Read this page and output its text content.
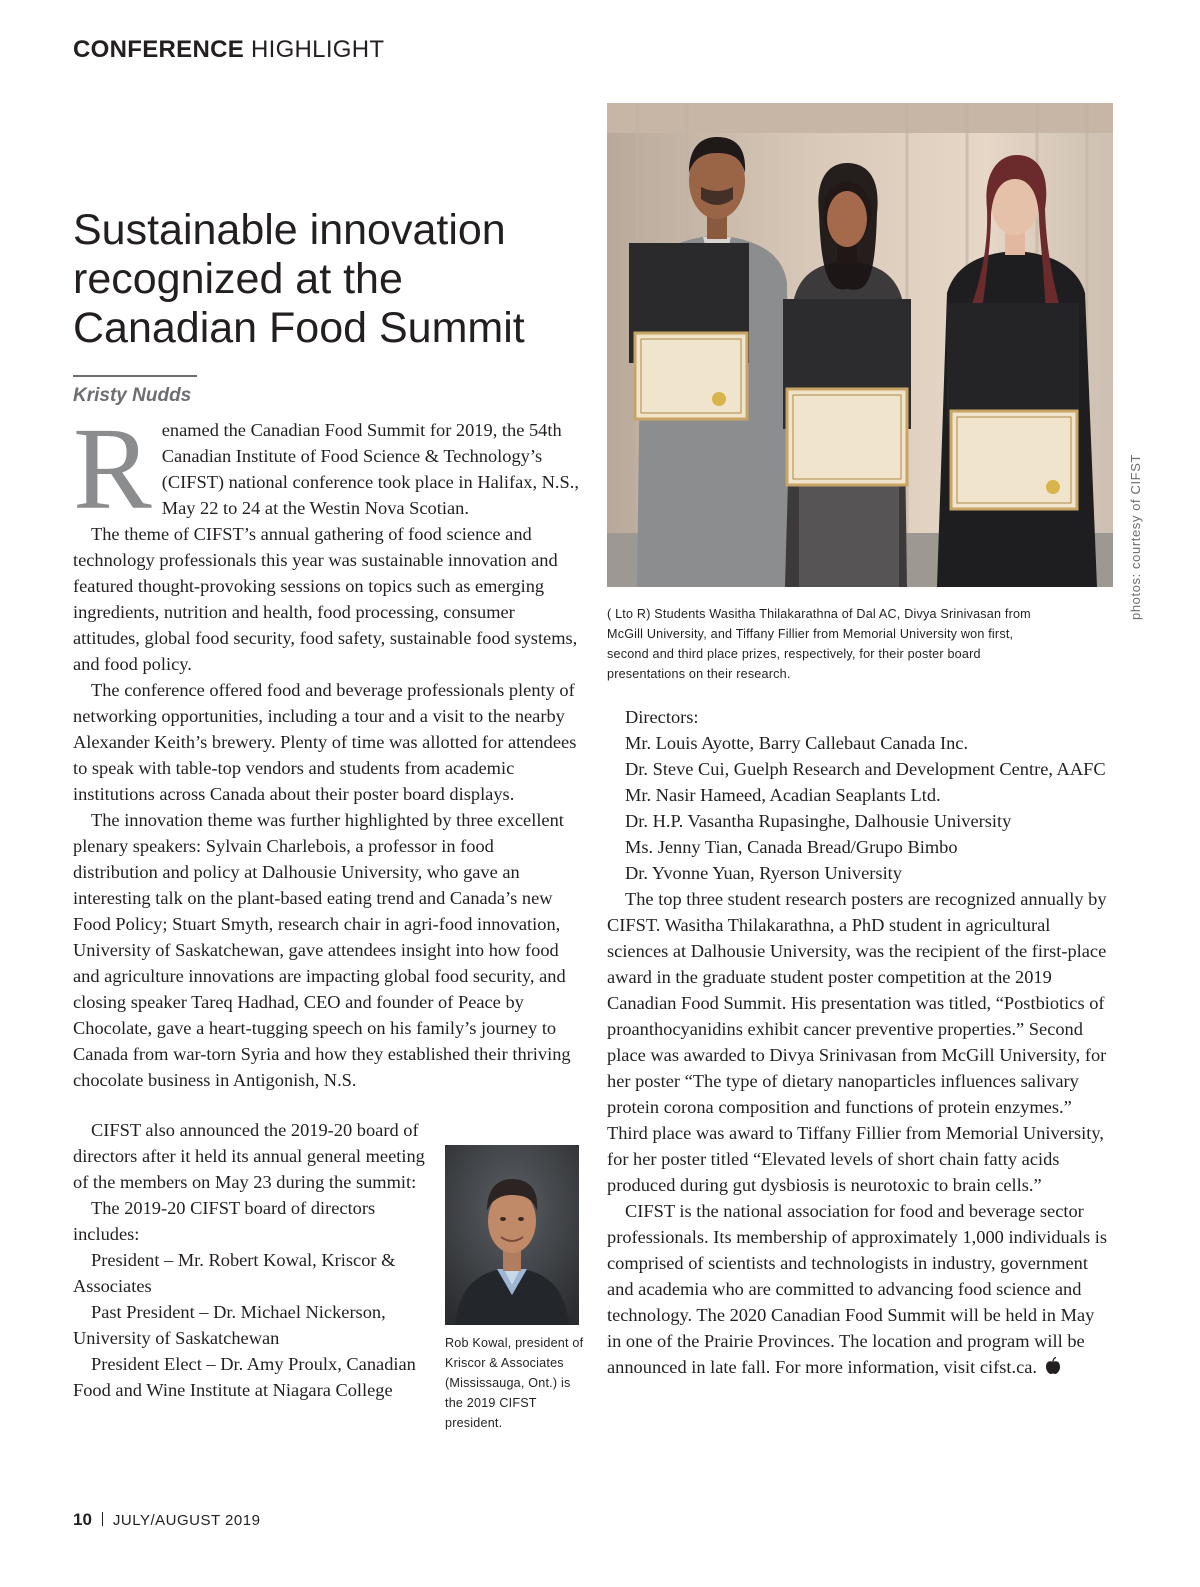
CONFERENCE HIGHLIGHT
Sustainable innovation recognized at the Canadian Food Summit
Kristy Nudds
R enamed the Canadian Food Summit for 2019, the 54th Canadian Institute of Food Science & Technology’s (CIFST) national conference took place in Halifax, N.S., May 22 to 24 at the Westin Nova Scotian.

The theme of CIFST’s annual gathering of food science and technology professionals this year was sustainable innovation and featured thought-provoking sessions on topics such as emerging ingredients, nutrition and health, food processing, consumer attitudes, global food security, food safety, sustainable food systems, and food policy.

The conference offered food and beverage professionals plenty of networking opportunities, including a tour and a visit to the nearby Alexander Keith’s brewery. Plenty of time was allotted for attendees to speak with table-top vendors and students from academic institutions across Canada about their poster board displays.

The innovation theme was further highlighted by three excellent plenary speakers: Sylvain Charlebois, a professor in food distribution and policy at Dalhousie University, who gave an interesting talk on the plant-based eating trend and Canada’s new Food Policy; Stuart Smyth, research chair in agri-food innovation, University of Saskatchewan, gave attendees insight into how food and agriculture innovations are impacting global food security, and closing speaker Tareq Hadhad, CEO and founder of Peace by Chocolate, gave a heart-tugging speech on his family’s journey to Canada from war-torn Syria and how they established their thriving chocolate business in Antigonish, N.S.

CIFST also announced the 2019-20 board of directors after it held its annual general meeting of the members on May 23 during the summit:

The 2019-20 CIFST board of directors includes:

President – Mr. Robert Kowal, Kriscor & Associates

Past President – Dr. Michael Nickerson, University of Saskatchewan

President Elect – Dr. Amy Proulx, Canadian Food and Wine Institute at Niagara College

Rob Kowal, president of Kriscor & Associates (Mississauga, Ont.) is the 2019 CIFST president.
photos: courtesy of CIFST
( Lto R) Students Wasitha Thilakarathna of Dal AC, Divya Srinivasan from McGill University, and Tiffany Fillier from Memorial University won first, second and third place prizes, respectively, for their poster board presentations on their research.

Directors:

Mr. Louis Ayotte, Barry Callebaut Canada Inc.

Dr. Steve Cui, Guelph Research and Development Centre, AAFC

Mr. Nasir Hameed, Acadian Seaplants Ltd.

Dr. H.P. Vasantha Rupasinghe, Dalhousie University

Ms. Jenny Tian, Canada Bread/Grupo Bimbo

Dr. Yvonne Yuan, Ryerson University

The top three student research posters are recognized annually by CIFST. Wasitha Thilakarathna, a PhD student in agricultural sciences at Dalhousie University, was the recipient of the first-place award in the graduate student poster competition at the 2019 Canadian Food Summit. His presentation was titled, “Postbiotics of proanthocyanidins exhibit cancer preventive properties.” Second place was awarded to Divya Srinivasan from McGill University, for her poster “The type of dietary nanoparticles influences salivary protein corona composition and functions of protein enzymes.” Third place was award to Tiffany Fillier from Memorial University, for her poster titled “Elevated levels of short chain fatty acids produced during gut dysbiosis is neurotoxic to brain cells.”

CIFST is the national association for food and beverage sector professionals. Its membership of approximately 1,000 individuals is comprised of scientists and technologists in industry, government and academia who are committed to advancing food science and technology. The 2020 Canadian Food Summit will be held in May in one of the Prairie Provinces. The location and program will be announced in late fall. For more information, visit cifst.ca.

10 JULY/AUGUST 2019
